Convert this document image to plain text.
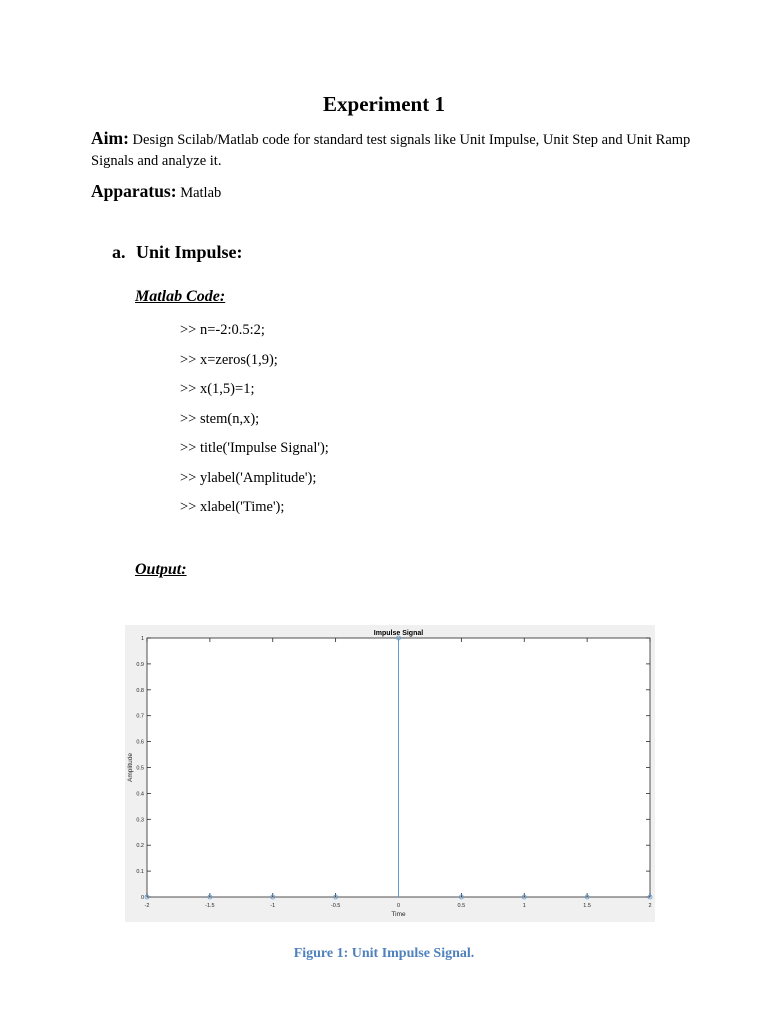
Experiment 1
Aim: Design Scilab/Matlab code for standard test signals like Unit Impulse, Unit Step and Unit Ramp Signals and analyze it.
Apparatus: Matlab
a. Unit Impulse:
Matlab Code:
>> n=-2:0.5:2;
>> x=zeros(1,9);
>> x(1,5)=1;
>> stem(n,x);
>> title('Impulse Signal');
>> ylabel('Amplitude');
>> xlabel('Time');
Output:
0
0.1
0.2
0.3
0.4
0.5
0.6
0.7
0.8
0.9
1
-2	-1.5	-1	-0.5	0	0.5	1	1.5	2
Impulse Signal
Time
Amplitude
Figure 1: Unit Impulse Signal.
